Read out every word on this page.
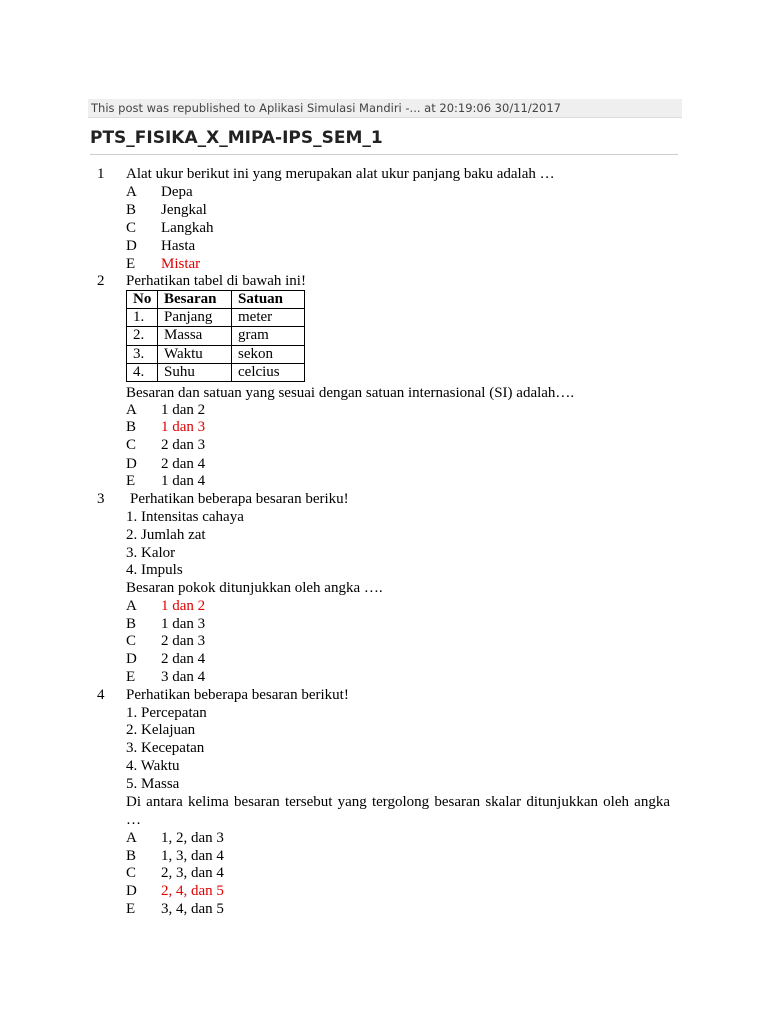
This post was republished to Aplikasi Simulasi Mandiri -... at 20:19:06 30/11/2017
PTS_FISIKA_X_MIPA-IPS_SEM_1
1 Alat ukur berikut ini yang merupakan alat ukur panjang baku adalah …
A Depa
B Jengkal
C Langkah
D Hasta
E Mistar
2 Perhatikan tabel di bawah ini!
No	Besaran	Satuan
1.	Panjang	meter
2.	Massa	gram
3.	Waktu	sekon
4.	Suhu	celcius
Besaran dan satuan yang sesuai dengan satuan internasional (SI) adalah….
A 1 dan 2
B 1 dan 3
C 2 dan 3
D 2 dan 4
E 1 dan 4
3 Perhatikan beberapa besaran beriku!
1. Intensitas cahaya
2. Jumlah zat
3. Kalor
4. Impuls
Besaran pokok ditunjukkan oleh angka ….
A 1 dan 2
B 1 dan 3
C 2 dan 3
D 2 dan 4
E 3 dan 4
4 Perhatikan beberapa besaran berikut!
1. Percepatan
2. Kelajuan
3. Kecepatan
4. Waktu
5. Massa
Di antara kelima besaran tersebut yang tergolong besaran skalar ditunjukkan oleh angka
…
A 1, 2, dan 3
B 1, 3, dan 4
C 2, 3, dan 4
D 2, 4, dan 5
E 3, 4, dan 5
